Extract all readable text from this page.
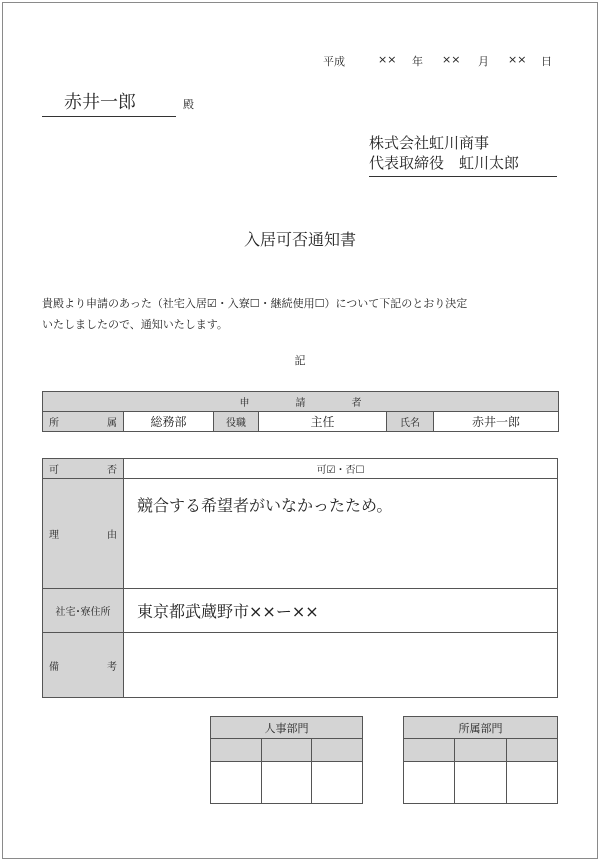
平成	×× 年 ×× 月 ×× 日
赤井一郎	殿
株式会社虹川商事
代表取締役　虹川太郎
入居可否通知書
貴殿より申請のあった（社宅入居☑・入寮☐・継続使用☐）について下記のとおり決定
いたしましたので、通知いたします。
記
申	請	者

所	属	総務部	役職	主任	氏名	赤井一郎
可 否	可☑・否☐

理 由	競合する希望者がいなかったため。
社宅･寮住所	東京都武蔵野市××ー××

備 考	

人事部門		

			所属部門		
